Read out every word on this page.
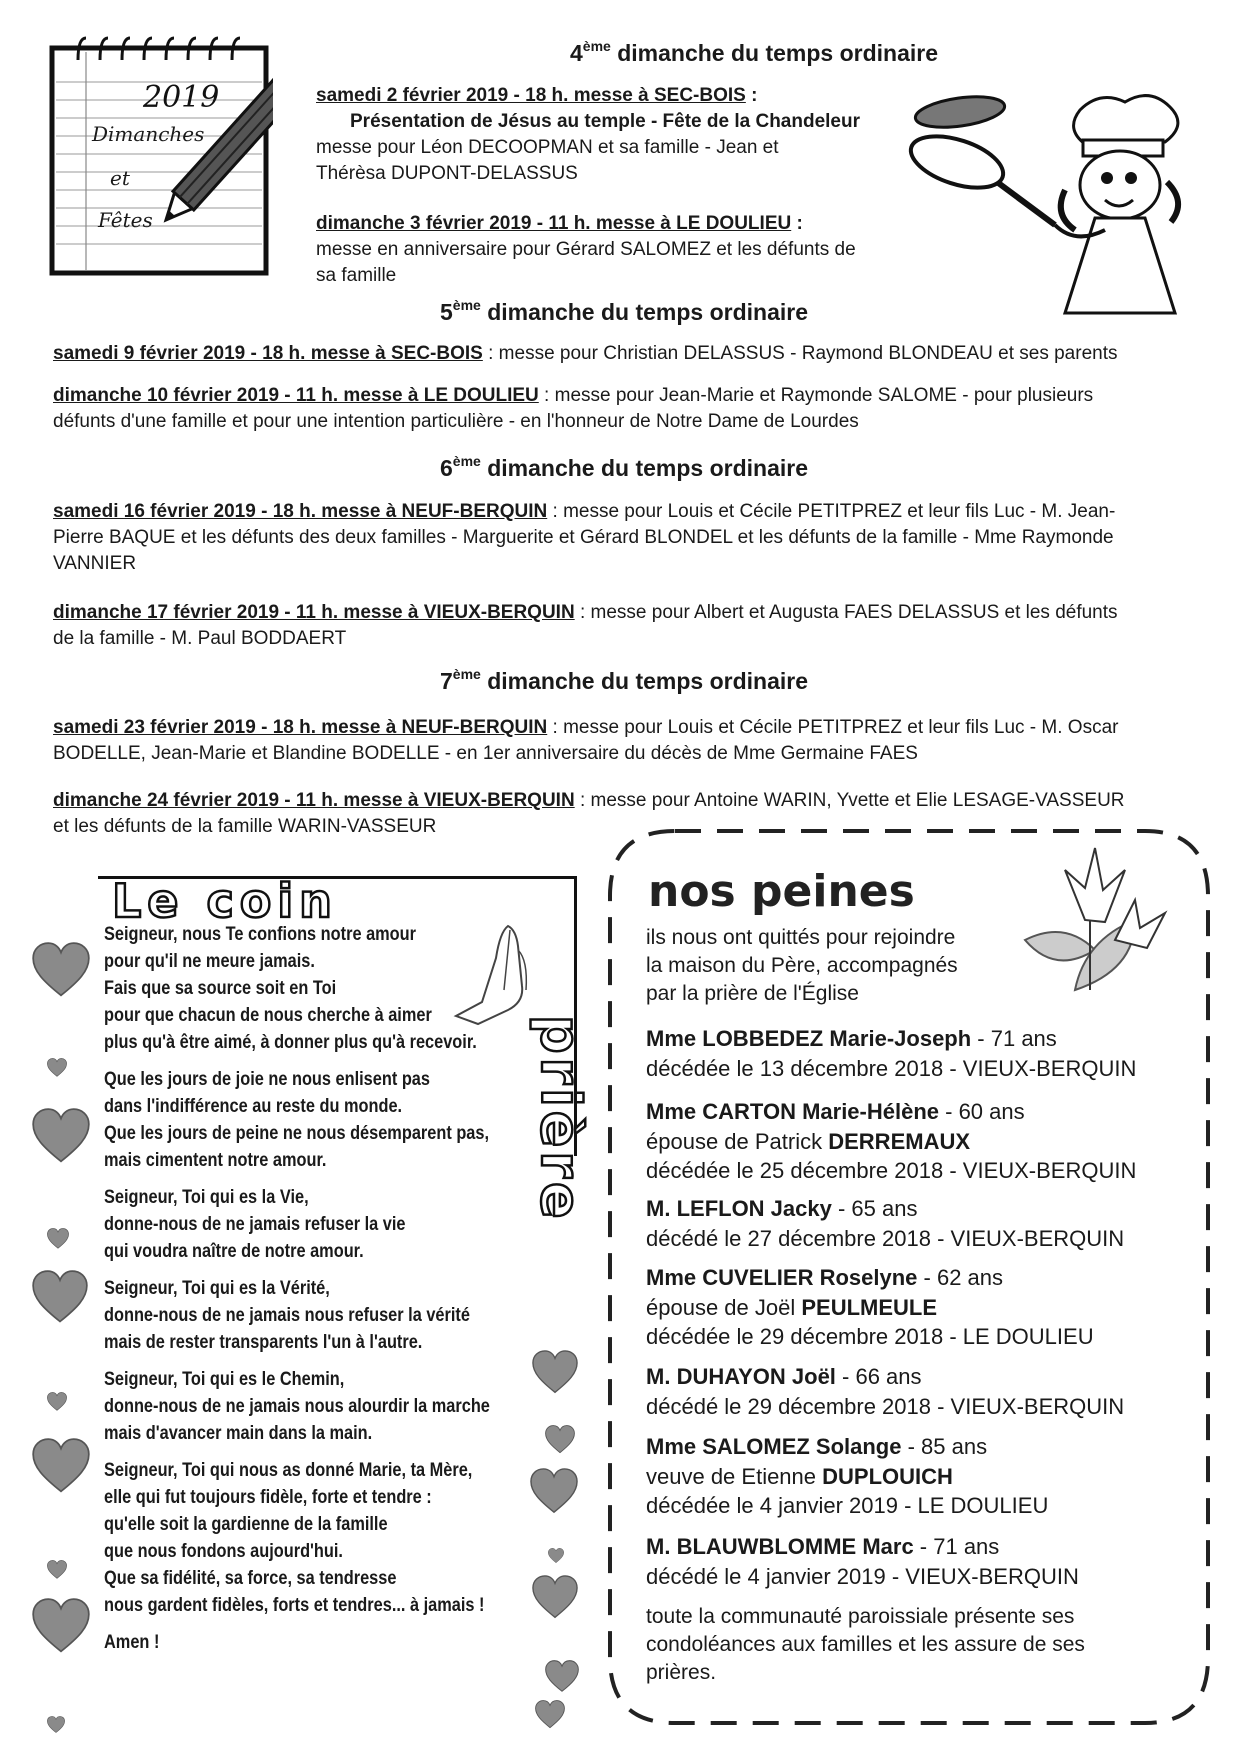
2019
Dimanches
et
Fêtes
4ème dimanche du temps ordinaire
samedi 2 février 2019 - 18 h. messe à SEC-BOIS :
Présentation de Jésus au temple - Fête de la Chandeleur
messe pour Léon DECOOPMAN et sa famille - Jean et
Thérèsa DUPONT-DELASSUS
dimanche 3 février 2019 - 11 h. messe à LE DOULIEU :
messe en anniversaire pour Gérard SALOMEZ et les défunts de
sa famille
5ème dimanche du temps ordinaire
samedi 9 février 2019 - 18 h. messe à SEC-BOIS : messe pour Christian DELASSUS - Raymond BLONDEAU et ses parents
dimanche 10 février 2019 - 11 h. messe à LE DOULIEU : messe pour Jean-Marie et Raymonde SALOME - pour plusieurs
défunts d'une famille et pour une intention particulière - en l'honneur de Notre Dame de Lourdes
6ème dimanche du temps ordinaire
samedi 16 février 2019 - 18 h. messe à NEUF-BERQUIN : messe pour Louis et Cécile PETITPREZ et leur fils Luc - M. Jean-
Pierre BAQUE et les défunts des deux familles - Marguerite et Gérard BLONDEL et les défunts de la famille - Mme Raymonde
VANNIER
dimanche 17 février 2019 - 11 h. messe à VIEUX-BERQUIN : messe pour Albert et Augusta FAES DELASSUS et les défunts
de la famille - M. Paul BODDAERT
7ème dimanche du temps ordinaire
samedi 23 février 2019 - 18 h. messe à NEUF-BERQUIN : messe pour Louis et Cécile PETITPREZ et leur fils Luc - M. Oscar
BODELLE, Jean-Marie et Blandine BODELLE - en 1er anniversaire du décès de Mme Germaine FAES
dimanche 24 février 2019 - 11 h. messe à VIEUX-BERQUIN : messe pour Antoine WARIN, Yvette et Elie LESAGE-VASSEUR
et les défunts de la famille WARIN-VASSEUR
Le coin
prière
Seigneur, nous Te confions notre amour
pour qu'il ne meure jamais.
Fais que sa source soit en Toi
pour que chacun de nous cherche à aimer
plus qu'à être aimé, à donner plus qu'à recevoir.
Que les jours de joie ne nous enlisent pas
dans l'indifférence au reste du monde.
Que les jours de peine ne nous désemparent pas,
mais cimentent notre amour.
Seigneur, Toi qui es la Vie,
donne-nous de ne jamais refuser la vie
qui voudra naître de notre amour.
Seigneur, Toi qui es la Vérité,
donne-nous de ne jamais nous refuser la vérité
mais de rester transparents l'un à l'autre.
Seigneur, Toi qui es le Chemin,
donne-nous de ne jamais nous alourdir la marche
mais d'avancer main dans la main.
Seigneur, Toi qui nous as donné Marie, ta Mère,
elle qui fut toujours fidèle, forte et tendre :
qu'elle soit la gardienne de la famille
que nous fondons aujourd'hui.
Que sa fidélité, sa force, sa tendresse
nous gardent fidèles, forts et tendres... à jamais !
Amen !
nos peines
ils nous ont quittés pour rejoindre
la maison du Père, accompagnés
par la prière de l'Église
Mme LOBBEDEZ Marie-Joseph - 71 ans
décédée le 13 décembre 2018 - VIEUX-BERQUIN
Mme CARTON Marie-Hélène - 60 ans
épouse de Patrick DERREMAUX
décédée le 25 décembre 2018 - VIEUX-BERQUIN
M. LEFLON Jacky - 65 ans
décédé le 27 décembre 2018 - VIEUX-BERQUIN
Mme CUVELIER Roselyne - 62 ans
épouse de Joël PEULMEULE
décédée le 29 décembre 2018 - LE DOULIEU
M. DUHAYON Joël - 66 ans
décédé le 29 décembre 2018 - VIEUX-BERQUIN
Mme SALOMEZ Solange - 85 ans
veuve de Etienne DUPLOUICH
décédée le 4 janvier 2019 - LE DOULIEU
M. BLAUWBLOMME Marc - 71 ans
décédé le 4 janvier 2019 - VIEUX-BERQUIN
toute la communauté paroissiale présente ses
condoléances aux familles et les assure de ses
prières.
